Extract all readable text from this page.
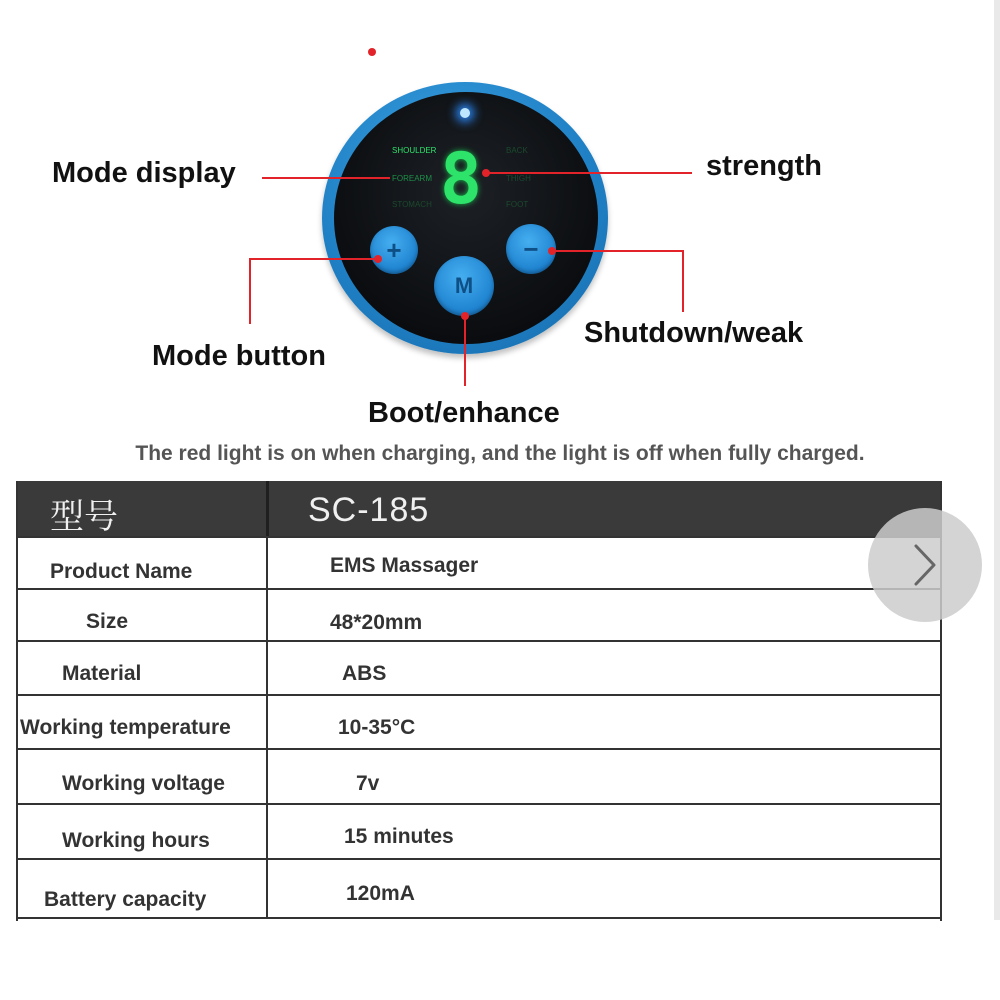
SHOULDER
FOREARM
STOMACH
BACK
THIGH
FOOT
8
+	−
M
Mode display	strength
Mode button
Shutdown/weak
Boot/enhance
The red light is on when charging, and the light is off when fully charged.
型号	SC-185
Product Name	EMS Massager
Size	48*20mm
Material	ABS
Working temperature	10-35°C
Working voltage	7v
Working hours	15 minutes
Battery capacity	120mA
